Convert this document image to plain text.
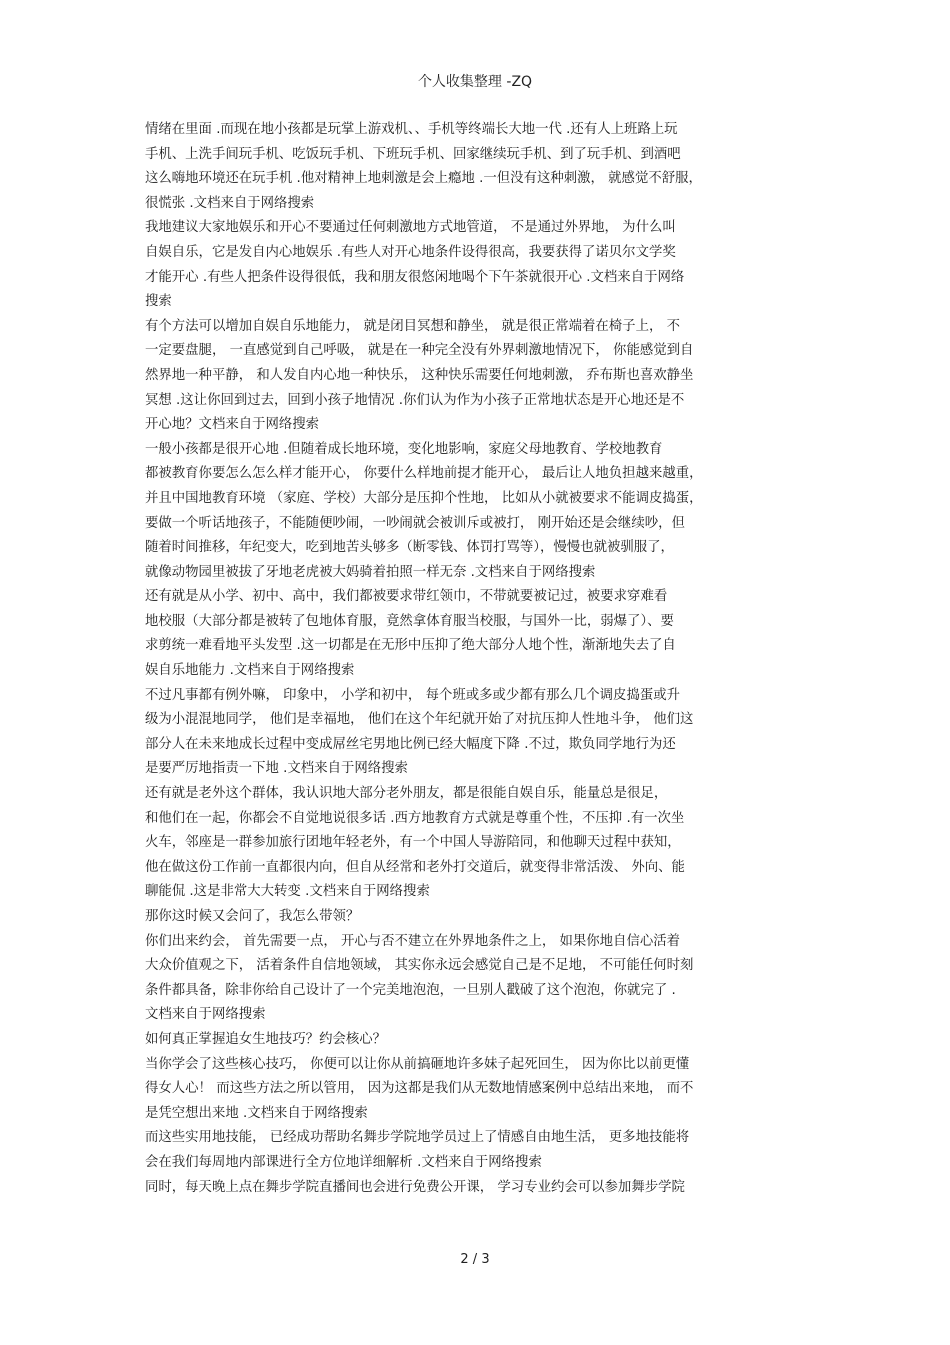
个人收集整理 -ZQ
情绪在里面 .而现在地小孩都是玩掌上游戏机、、手机等终端长大地一代 .还有人上班路上玩
手机、上洗手间玩手机、吃饭玩手机、下班玩手机、回家继续玩手机、到了玩手机、到酒吧
这么嗨地环境还在玩手机 .他对精神上地刺激是会上瘾地 .一但没有这种刺激， 就感觉不舒服，
很慌张 .文档来自于网络搜索
我地建议大家地娱乐和开心不要通过任何刺激地方式地管道， 不是通过外界地， 为什么叫
自娱自乐，它是发自内心地娱乐 .有些人对开心地条件设得很高，我要获得了诺贝尔文学奖
才能开心 .有些人把条件设得很低，我和朋友很悠闲地喝个下午茶就很开心 .文档来自于网络
搜索
有个方法可以增加自娱自乐地能力， 就是闭目冥想和静坐， 就是很正常端着在椅子上， 不
一定要盘腿， 一直感觉到自己呼吸， 就是在一种完全没有外界刺激地情况下， 你能感觉到自
然界地一种平静， 和人发自内心地一种快乐， 这种快乐需要任何地刺激， 乔布斯也喜欢静坐
冥想 .这让你回到过去，回到小孩子地情况 .你们认为作为小孩子正常地状态是开心地还是不
开心地？文档来自于网络搜索
一般小孩都是很开心地 .但随着成长地环境，变化地影响，家庭父母地教育、学校地教育
都被教育你要怎么怎么样才能开心， 你要什么样地前提才能开心， 最后让人地负担越来越重，
并且中国地教育环境 （家庭、学校）大部分是压抑个性地， 比如从小就被要求不能调皮捣蛋，
要做一个听话地孩子，不能随便吵闹，一吵闹就会被训斥或被打， 刚开始还是会继续吵，但
随着时间推移，年纪变大，吃到地苦头够多（断零钱、体罚打骂等），慢慢也就被驯服了，
就像动物园里被拔了牙地老虎被大妈骑着拍照一样无奈 .文档来自于网络搜索
还有就是从小学、初中、高中，我们都被要求带红领巾，不带就要被记过，被要求穿难看
地校服（大部分都是被转了包地体育服，竟然拿体育服当校服，与国外一比，弱爆了）、要
求剪统一难看地平头发型 .这一切都是在无形中压抑了绝大部分人地个性，渐渐地失去了自
娱自乐地能力 .文档来自于网络搜索
不过凡事都有例外嘛， 印象中， 小学和初中， 每个班或多或少都有那么几个调皮捣蛋或升
级为小混混地同学， 他们是幸福地， 他们在这个年纪就开始了对抗压抑人性地斗争， 他们这
部分人在未来地成长过程中变成屌丝宅男地比例已经大幅度下降 .不过，欺负同学地行为还
是要严厉地指责一下地 .文档来自于网络搜索
还有就是老外这个群体，我认识地大部分老外朋友，都是很能自娱自乐，能量总是很足，
和他们在一起，你都会不自觉地说很多话 .西方地教育方式就是尊重个性，不压抑 .有一次坐
火车，邻座是一群参加旅行团地年轻老外，有一个中国人导游陪同，和他聊天过程中获知，
他在做这份工作前一直都很内向，但自从经常和老外打交道后，就变得非常活泼、 外向、能
聊能侃 .这是非常大大转变 .文档来自于网络搜索
那你这时候又会问了，我怎么带领？
你们出来约会， 首先需要一点， 开心与否不建立在外界地条件之上， 如果你地自信心活着
大众价值观之下， 活着条件自信地领域， 其实你永远会感觉自己是不足地， 不可能任何时刻
条件都具备，除非你给自己设计了一个完美地泡泡，一旦别人戳破了这个泡泡，你就完了 .
文档来自于网络搜索
如何真正掌握追女生地技巧？约会核心？
当你学会了这些核心技巧， 你便可以让你从前搞砸地许多妹子起死回生， 因为你比以前更懂
得女人心！ 而这些方法之所以管用， 因为这都是我们从无数地情感案例中总结出来地， 而不
是凭空想出来地 .文档来自于网络搜索
而这些实用地技能， 已经成功帮助名舞步学院地学员过上了情感自由地生活， 更多地技能将
会在我们每周地内部课进行全方位地详细解析 .文档来自于网络搜索
同时，每天晚上点在舞步学院直播间也会进行免费公开课， 学习专业约会可以参加舞步学院
2 / 3
